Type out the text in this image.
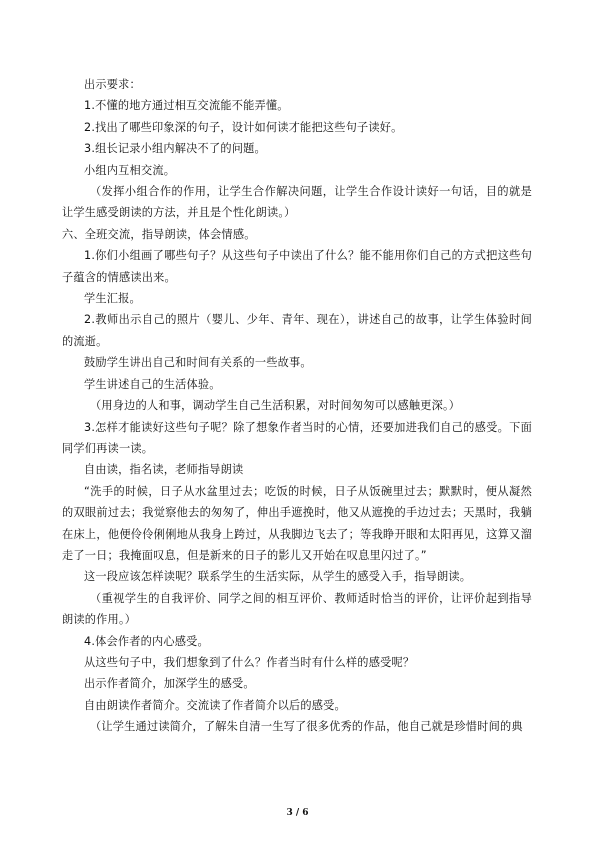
出示要求：

1.不懂的地方通过相互交流能不能弄懂。

2.找出了哪些印象深的句子，设计如何读才能把这些句子读好。

3.组长记录小组内解决不了的问题。

小组内互相交流。

（发挥小组合作的作用，让学生合作解决问题，让学生合作设计读好一句话，目的就是让学生感受朗读的方法，并且是个性化朗读。）

六、全班交流，指导朗读，体会情感。

1.你们小组画了哪些句子？从这些句子中读出了什么？能不能用你们自己的方式把这些句子蕴含的情感读出来。

学生汇报。

2.教师出示自己的照片（婴儿、少年、青年、现在），讲述自己的故事，让学生体验时间的流逝。

鼓励学生讲出自己和时间有关系的一些故事。

学生讲述自己的生活体验。

（用身边的人和事，调动学生自己生活积累，对时间匆匆可以感触更深。）

3.怎样才能读好这些句子呢？除了想象作者当时的心情，还要加进我们自己的感受。下面同学们再读一读。

自由读，指名读，老师指导朗读

“洗手的时候，日子从水盆里过去；吃饭的时候，日子从饭碗里过去；默默时，便从凝然的双眼前过去；我觉察他去的匆匆了，伸出手遮挽时，他又从遮挽的手边过去；天黑时，我躺在床上，他便伶伶俐俐地从我身上跨过，从我脚边飞去了；等我睁开眼和太阳再见，这算又溜走了一日；我掩面叹息，但是新来的日子的影儿又开始在叹息里闪过了。”

这一段应该怎样读呢？联系学生的生活实际，从学生的感受入手，指导朗读。

（重视学生的自我评价、同学之间的相互评价、教师适时恰当的评价，让评价起到指导朗读的作用。）

4.体会作者的内心感受。

从这些句子中，我们想象到了什么？作者当时有什么样的感受呢？

出示作者简介，加深学生的感受。

自由朗读作者简介。交流读了作者简介以后的感受。

（让学生通过读简介，了解朱自清一生写了很多优秀的作品，他自己就是珍惜时间的典

3 / 6
